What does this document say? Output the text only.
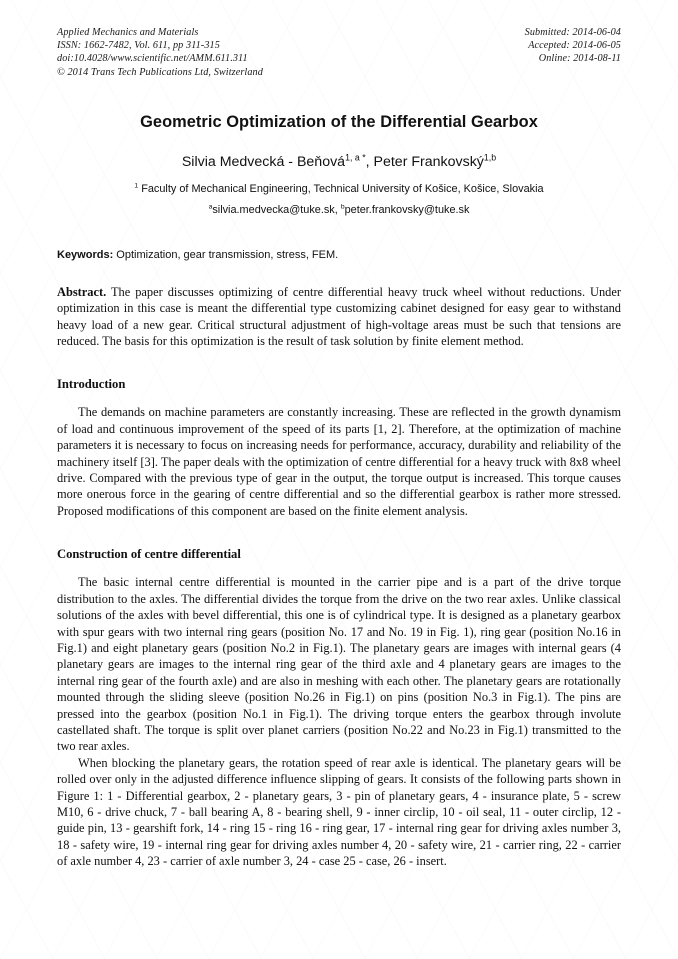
Applied Mechanics and Materials
ISSN: 1662-7482, Vol. 611, pp 311-315
doi:10.4028/www.scientific.net/AMM.611.311
© 2014 Trans Tech Publications Ltd, Switzerland
Submitted: 2014-06-04
Accepted: 2014-06-05
Online: 2014-08-11
Geometric Optimization of the Differential Gearbox
Silvia Medvecká - Beňová$^{1, a *}$, Peter Frankovský$^{1,b}$
$^1$ Faculty of Mechanical Engineering, Technical University of Košice, Košice, Slovakia
$^a$silvia.medvecka@tuke.sk, $^b$peter.frankovsky@tuke.sk
Keywords: Optimization, gear transmission, stress, FEM.
Abstract. The paper discusses optimizing of centre differential heavy truck wheel without reductions. Under optimization in this case is meant the differential type customizing cabinet designed for easy gear to withstand heavy load of a new gear. Critical structural adjustment of high-voltage areas must be such that tensions are reduced. The basis for this optimization is the result of task solution by finite element method.
Introduction

The demands on machine parameters are constantly increasing. These are reflected in the growth dynamism of load and continuous improvement of the speed of its parts [1, 2]. Therefore, at the optimization of machine parameters it is necessary to focus on increasing needs for performance, accuracy, durability and reliability of the machinery itself [3]. The paper deals with the optimization of centre differential for a heavy truck with 8x8 wheel drive. Compared with the previous type of gear in the output, the torque output is increased. This torque causes more onerous force in the gearing of centre differential and so the differential gearbox is rather more stressed. Proposed modifications of this component are based on the finite element analysis.

Construction of centre differential

The basic internal centre differential is mounted in the carrier pipe and is a part of the drive torque distribution to the axles. The differential divides the torque from the drive on the two rear axles. Unlike classical solutions of the axles with bevel differential, this one is of cylindrical type. It is designed as a planetary gearbox with spur gears with two internal ring gears (position No. 17 and No. 19 in Fig. 1), ring gear (position No.16 in Fig.1) and eight planetary gears (position No.2 in Fig.1). The planetary gears are images with internal gears (4 planetary gears are images to the internal ring gear of the third axle and 4 planetary gears are images to the internal ring gear of the fourth axle) and are also in meshing with each other. The planetary gears are rotationally mounted through the sliding sleeve (position No.26 in Fig.1) on pins (position No.3 in Fig.1). The pins are pressed into the gearbox (position No.1 in Fig.1). The driving torque enters the gearbox through involute castellated shaft. The torque is split over planet carriers (position No.22 and No.23 in Fig.1) transmitted to the two rear axles.

When blocking the planetary gears, the rotation speed of rear axle is identical. The planetary gears will be rolled over only in the adjusted difference influence slipping of gears. It consists of the following parts shown in Figure 1: 1 - Differential gearbox, 2 - planetary gears, 3 - pin of planetary gears, 4 - insurance plate, 5 - screw M10, 6 - drive chuck, 7 - ball bearing A, 8 - bearing shell, 9 - inner circlip, 10 - oil seal, 11 - outer circlip, 12 - guide pin, 13 - gearshift fork, 14 - ring 15 - ring 16 - ring gear, 17 - internal ring gear for driving axles number 3, 18 - safety wire, 19 - internal ring gear for driving axles number 4, 20 - safety wire, 21 - carrier ring, 22 - carrier of axle number 4, 23 - carrier of axle number 3, 24 - case 25 - case, 26 - insert.
